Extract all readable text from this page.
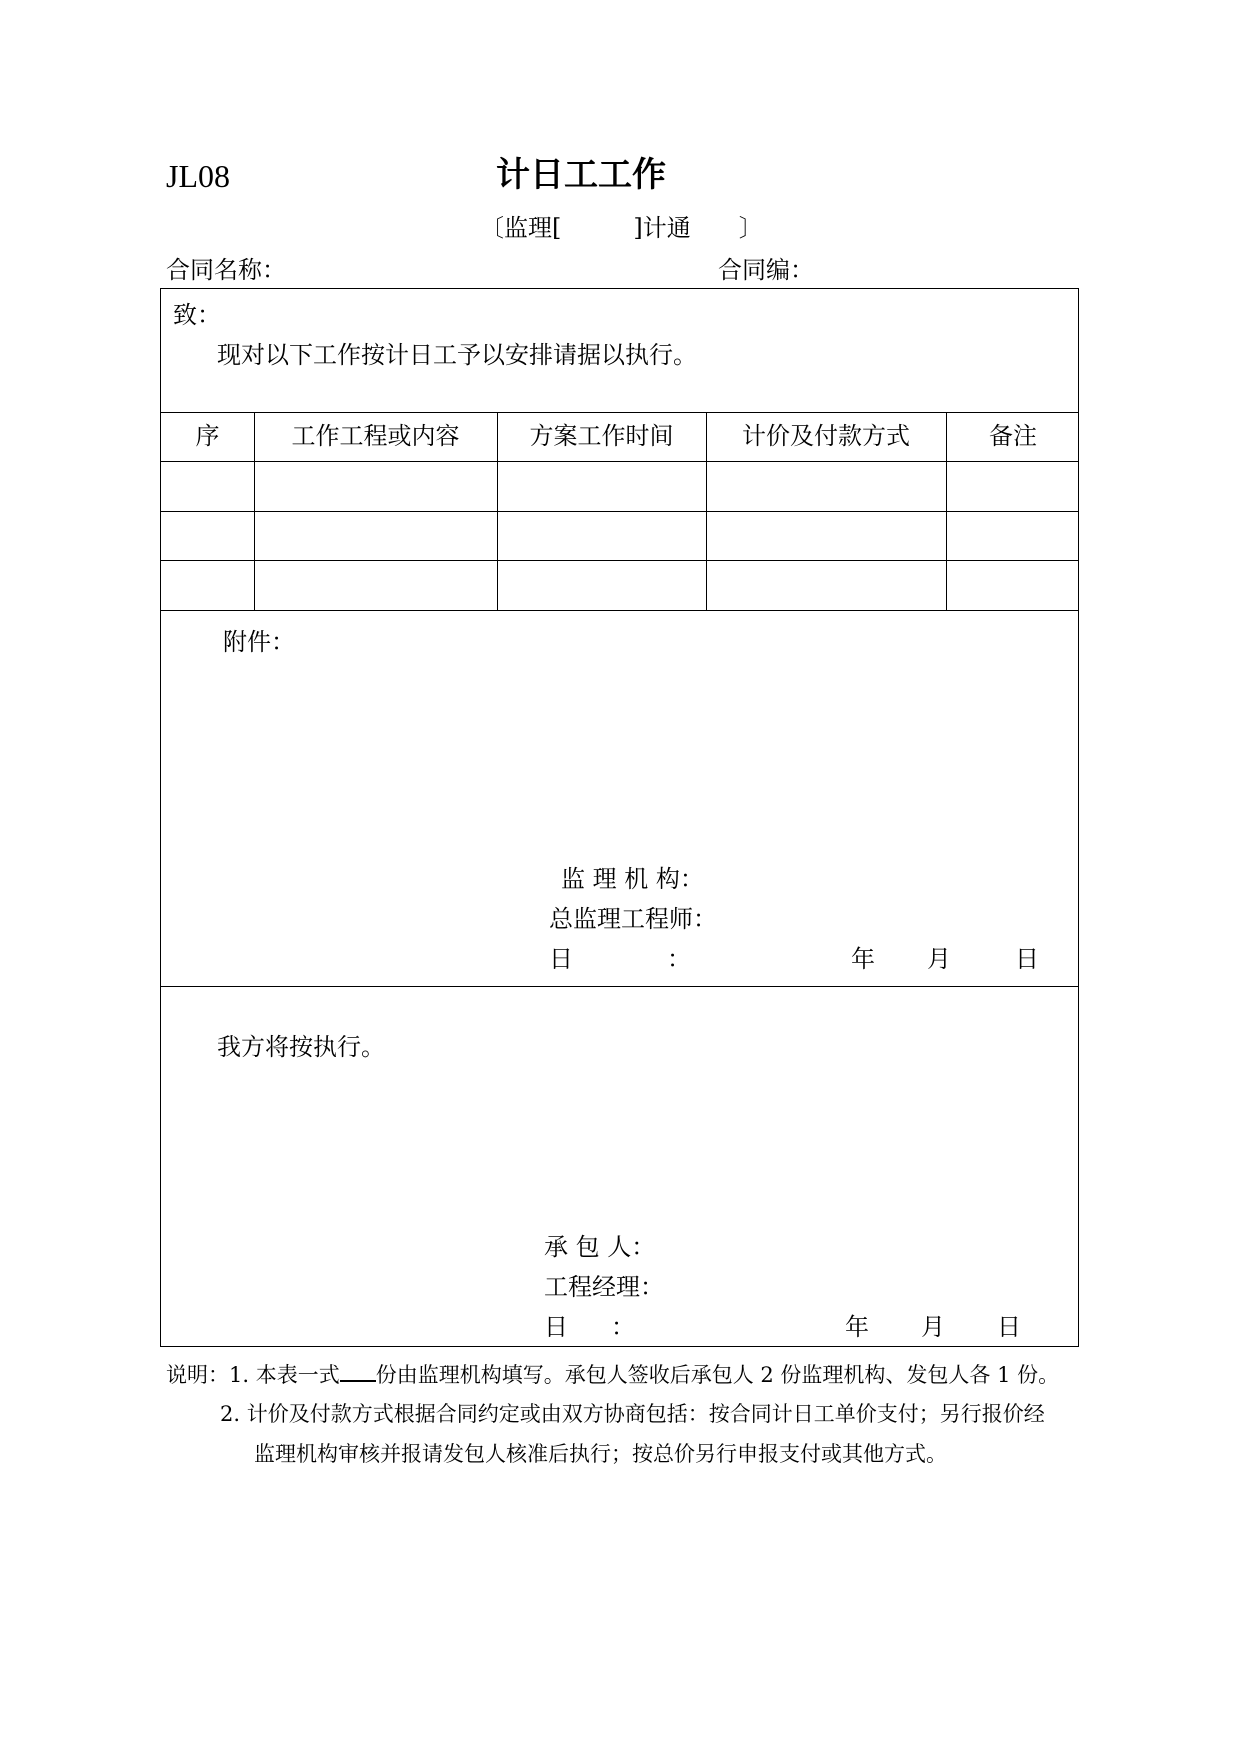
JL08	计日工工作
〔监理[　　　]计通　　〕
合同名称：	合同编：
致：
现对以下工作按计日工予以安排请据以执行。
序	工作工程或内容	方案工作时间	计价及付款方式	备注
附件：
监 理 机 构：
总监理工程师：
日	：	年 月	日
我方将按执行。
承 包 人：
工程经理：
日 ：	年 月 日
说明：1. 本表一式 份由监理机构填写。承包人签收后承包人 2 份监理机构、发包人各 1 份。
2. 计价及付款方式根据合同约定或由双方协商包括：按合同计日工单价支付；另行报价经
监理机构审核并报请发包人核准后执行；按总价另行申报支付或其他方式。
